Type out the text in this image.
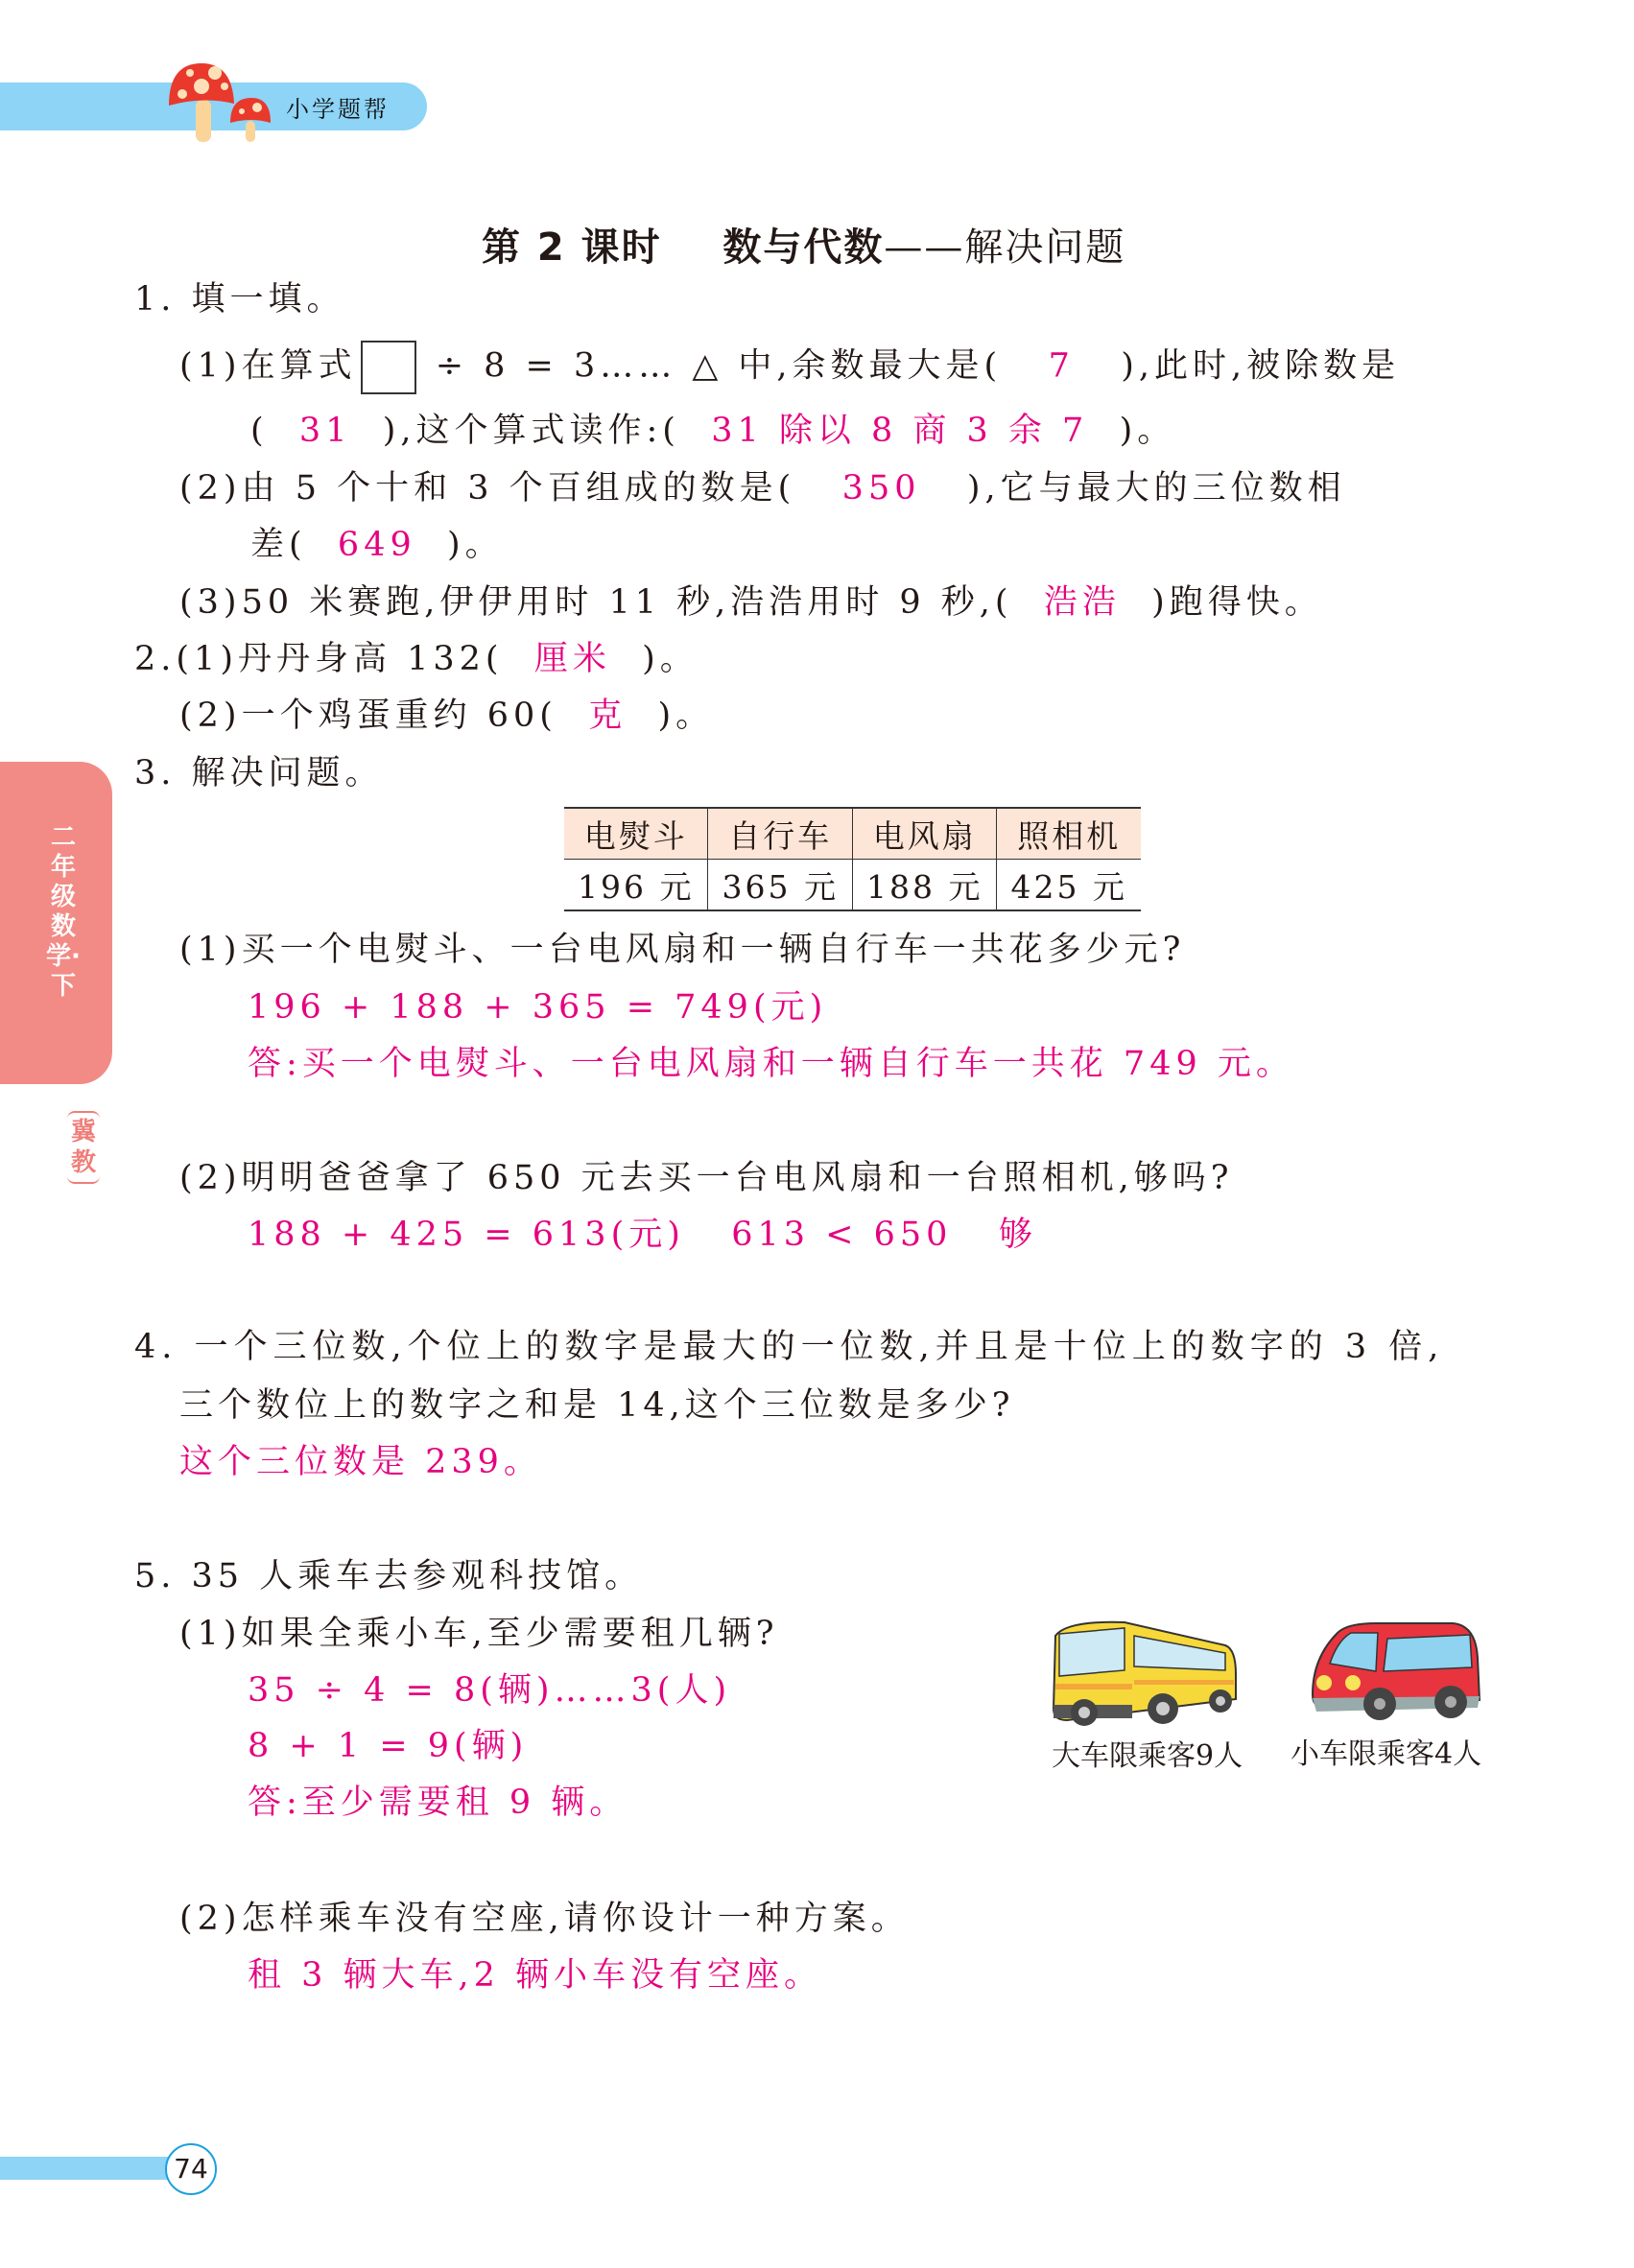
小学题帮
二年级数学·下
冀教
第 2 课时 数与代数——解决问题
1. 填一填。
(1)在算式 ÷ 8 = 3…… △ 中,余数最大是( 7 ),此时,被除数是
( 31 ),这个算式读作:( 31 除以 8 商 3 余 7 )。
(2)由 5 个十和 3 个百组成的数是( 350 ),它与最大的三位数相
差( 649 )。
(3)50 米赛跑,伊伊用时 11 秒,浩浩用时 9 秒,( 浩浩 )跑得快。
2.(1)丹丹身高 132( 厘米 )。
(2)一个鸡蛋重约 60( 克 )。
3. 解决问题。
电熨斗	自行车	电风扇	照相机
196 元	365 元	188 元	425 元
(1)买一个电熨斗、一台电风扇和一辆自行车一共花多少元?
196 + 188 + 365 = 749(元)
答:买一个电熨斗、一台电风扇和一辆自行车一共花 749 元。
(2)明明爸爸拿了 650 元去买一台电风扇和一台照相机,够吗?
188 + 425 = 613(元)   613 < 650   够
4. 一个三位数,个位上的数字是最大的一位数,并且是十位上的数字的 3 倍,
三个数位上的数字之和是 14,这个三位数是多少?
这个三位数是 239。
5. 35 人乘车去参观科技馆。
(1)如果全乘小车,至少需要租几辆?
35 ÷ 4 = 8(辆)……3(人)
8 + 1 = 9(辆)
答:至少需要租 9 辆。
(2)怎样乘车没有空座,请你设计一种方案。
租 3 辆大车,2 辆小车没有空座。
大车限乘客9人 小车限乘客4人
74
